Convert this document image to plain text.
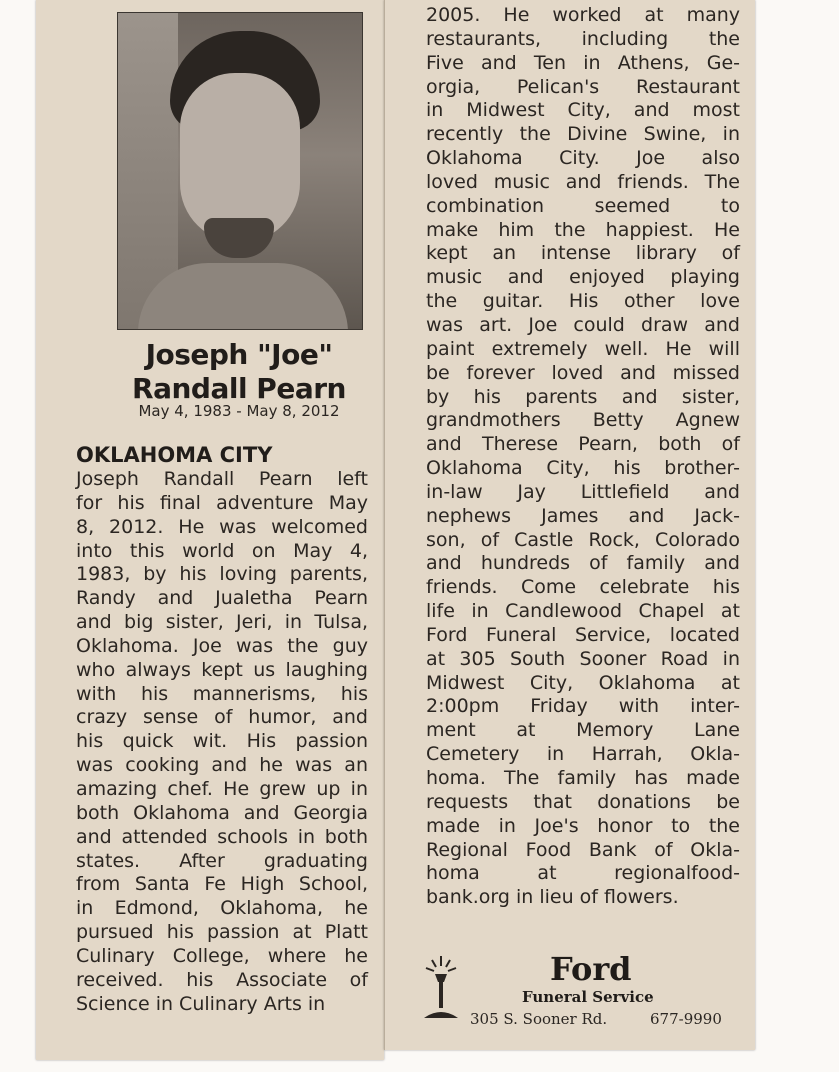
Joseph "Joe"
Randall Pearn
May 4, 1983 - May 8, 2012
OKLAHOMA CITY
Joseph Randall Pearn left
for his final adventure May
8, 2012. He was welcomed
into this world on May 4,
1983, by his loving parents,
Randy and Jualetha Pearn
and big sister, Jeri, in Tulsa,
Oklahoma. Joe was the guy
who always kept us laughing
with his mannerisms, his
crazy sense of humor, and
his quick wit. His passion
was cooking and he was an
amazing chef. He grew up in
both Oklahoma and Georgia
and attended schools in both
states. After graduating
from Santa Fe High School,
in Edmond, Oklahoma, he
pursued his passion at Platt
Culinary College, where he
received. his Associate of
Science in Culinary Arts in
2005. He worked at many
restaurants, including the
Five and Ten in Athens, Ge-
orgia, Pelican's Restaurant
in Midwest City, and most
recently the Divine Swine, in
Oklahoma City. Joe also
loved music and friends. The
combination seemed to
make him the happiest. He
kept an intense library of
music and enjoyed playing
the guitar. His other love
was art. Joe could draw and
paint extremely well. He will
be forever loved and missed
by his parents and sister,
grandmothers Betty Agnew
and Therese Pearn, both of
Oklahoma City, his brother-
in-law Jay Littlefield and
nephews James and Jack-
son, of Castle Rock, Colorado
and hundreds of family and
friends. Come celebrate his
life in Candlewood Chapel at
Ford Funeral Service, located
at 305 South Sooner Road in
Midwest City, Oklahoma at
2:00pm Friday with inter-
ment at Memory Lane
Cemetery in Harrah, Okla-
homa. The family has made
requests that donations be
made in Joe's honor to the
Regional Food Bank of Okla-
homa at regionalfood-
bank.org in lieu of flowers.
Ford
Funeral Service
305 S. Sooner Rd.	677-9990
